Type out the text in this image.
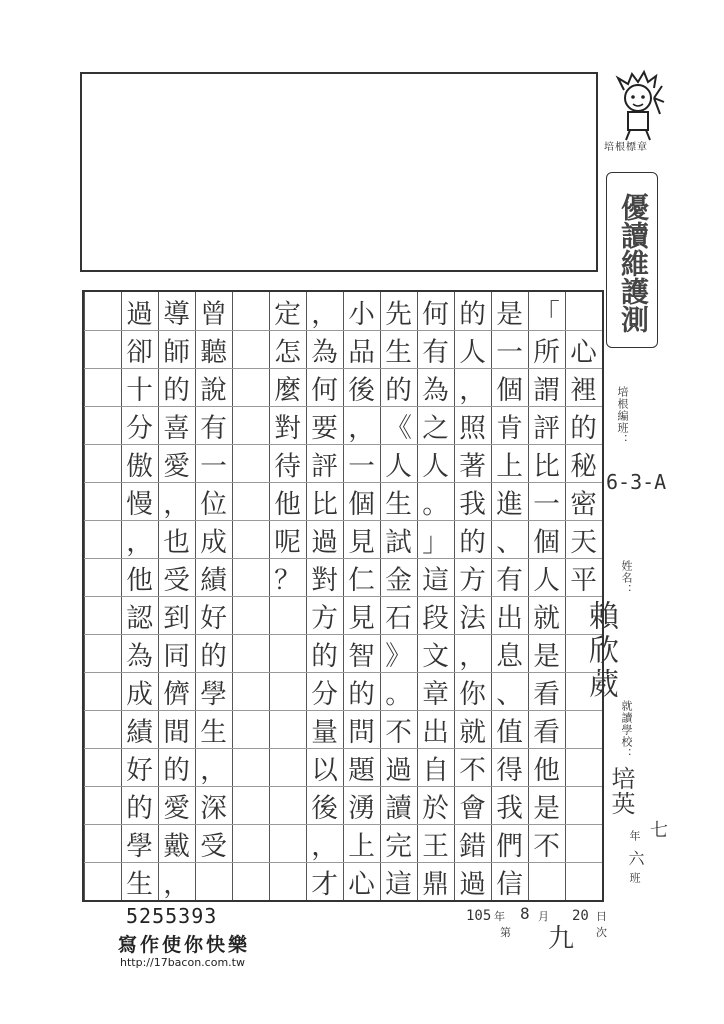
培根標章
優讀維護測
培根編班：
6-3-A
姓名：
賴欣葳
就讀學校：
培英
年
六
班
七

心
裡
的
秘
密
天
平

「
所
謂
評
比
一
個
人
就
是
看
看
他
是
不
是
一
個
肯
上
進
、
有
出
息
、
值
得
我
們
信
的
人
，
照
著
我
的
方
法
，
你
就
不
會
錯
過
何
有
為
之
人
。
」
這
段
文
章
出
自
於
王
鼎
先
生
的
《
人
生
試
金
石
》
。
不
過
讀
完
這
小
品
後
，
一
個
見
仁
見
智
的
問
題
湧
上
心
，
為
何
要
評
比
過
對
方
的
分
量
以
後
，
才
定
怎
麼
對
待
他
呢
？
曾
聽
說
有
一
位
成
績
好
的
學
生
，
深
受
導
師
的
喜
愛
，
也
受
到
同
儕
間
的
愛
戴
，
過
卻
十
分
傲
慢
，
他
認
為
成
績
好
的
學
生
5255393
寫作使你快樂
http://17bacon.com.tw
105 年 8 月 20 日
第 九 次
